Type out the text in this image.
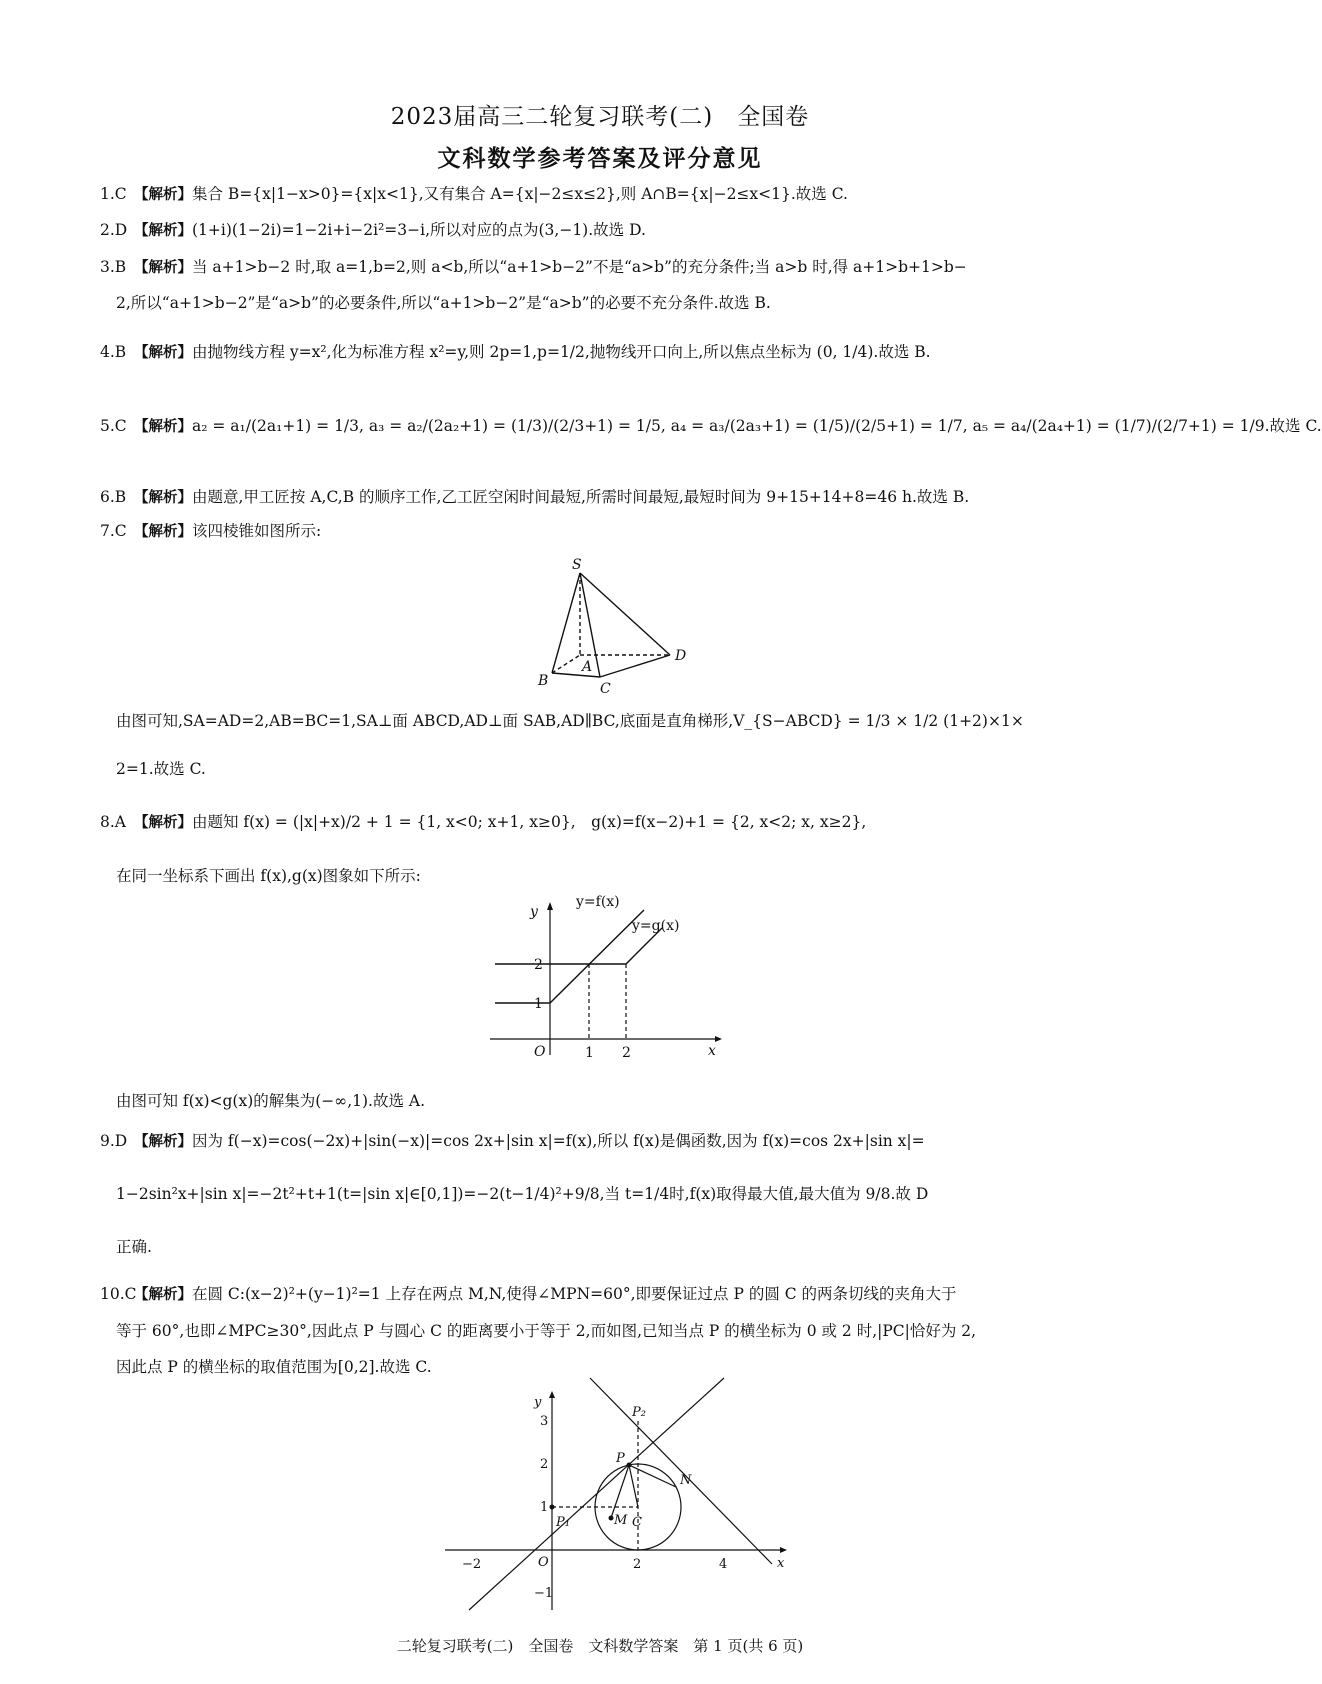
2023届高三二轮复习联考(二)　全国卷
文科数学参考答案及评分意见
1.C 【解析】集合 B={x|1−x>0}={x|x<1},又有集合 A={x|−2≤x≤2},则 A∩B={x|−2≤x<1}.故选 C.
2.D 【解析】(1+i)(1−2i)=1−2i+i−2i²=3−i,所以对应的点为(3,−1).故选 D.
3.B 【解析】当 a+1>b−2 时,取 a=1,b=2,则 a<b,所以“a+1>b−2”不是“a>b”的充分条件;当 a>b 时,得 a+1>b+1>b−
2,所以“a+1>b−2”是“a>b”的必要条件,所以“a+1>b−2”是“a>b”的必要不充分条件.故选 B.
4.B 【解析】由抛物线方程 y=x²,化为标准方程 x²=y,则 2p=1,p=1/2,抛物线开口向上,所以焦点坐标为 (0, 1/4).故选 B.
5.C 【解析】a₂ = a₁/(2a₁+1) = 1/3, a₃ = a₂/(2a₂+1) = (1/3)/(2/3+1) = 1/5, a₄ = a₃/(2a₃+1) = (1/5)/(2/5+1) = 1/7, a₅ = a₄/(2a₄+1) = (1/7)/(2/7+1) = 1/9.故选 C.
6.B 【解析】由题意,甲工匠按 A,C,B 的顺序工作,乙工匠空闲时间最短,所需时间最短,最短时间为 9+15+14+8=46 h.故选 B.
7.C 【解析】该四棱锥如图所示:
S
A
B	C
D
由图可知,SA=AD=2,AB=BC=1,SA⊥面 ABCD,AD⊥面 SAB,AD∥BC,底面是直角梯形,V_{S−ABCD} = 1/3 × 1/2 (1+2)×1×
2=1.故选 C.
8.A 【解析】由题知 f(x) = (|x|+x)/2 + 1 = {1, x<0; x+1, x≥0},　g(x)=f(x−2)+1 = {2, x<2; x, x≥2},
在同一坐标系下画出 f(x),g(x)图象如下所示:
y
x
O	1 2
1
2
y=f(x)
y=g(x)
由图可知 f(x)<g(x)的解集为(−∞,1).故选 A.
9.D 【解析】因为 f(−x)=cos(−2x)+|sin(−x)|=cos 2x+|sin x|=f(x),所以 f(x)是偶函数,因为 f(x)=cos 2x+|sin x|=
1−2sin²x+|sin x|=−2t²+t+1(t=|sin x|∈[0,1])=−2(t−1/4)²+9/8,当 t=1/4时,f(x)取得最大值,最大值为 9/8.故 D
正确.
10.C【解析】在圆 C:(x−2)²+(y−1)²=1 上存在两点 M,N,使得∠MPN=60°,即要保证过点 P 的圆 C 的两条切线的夹角大于
等于 60°,也即∠MPC≥30°,因此点 P 与圆心 C 的距离要小于等于 2,而如图,已知当点 P 的横坐标为 0 或 2 时,|PC|恰好为 2,
因此点 P 的横坐标的取值范围为[0,2].故选 C.
y
x
O
−2	2	4
1
2
3
−1
P
P₁
P₂
M
N
C
二轮复习联考(二)　全国卷　文科数学答案　第 1 页(共 6 页)
